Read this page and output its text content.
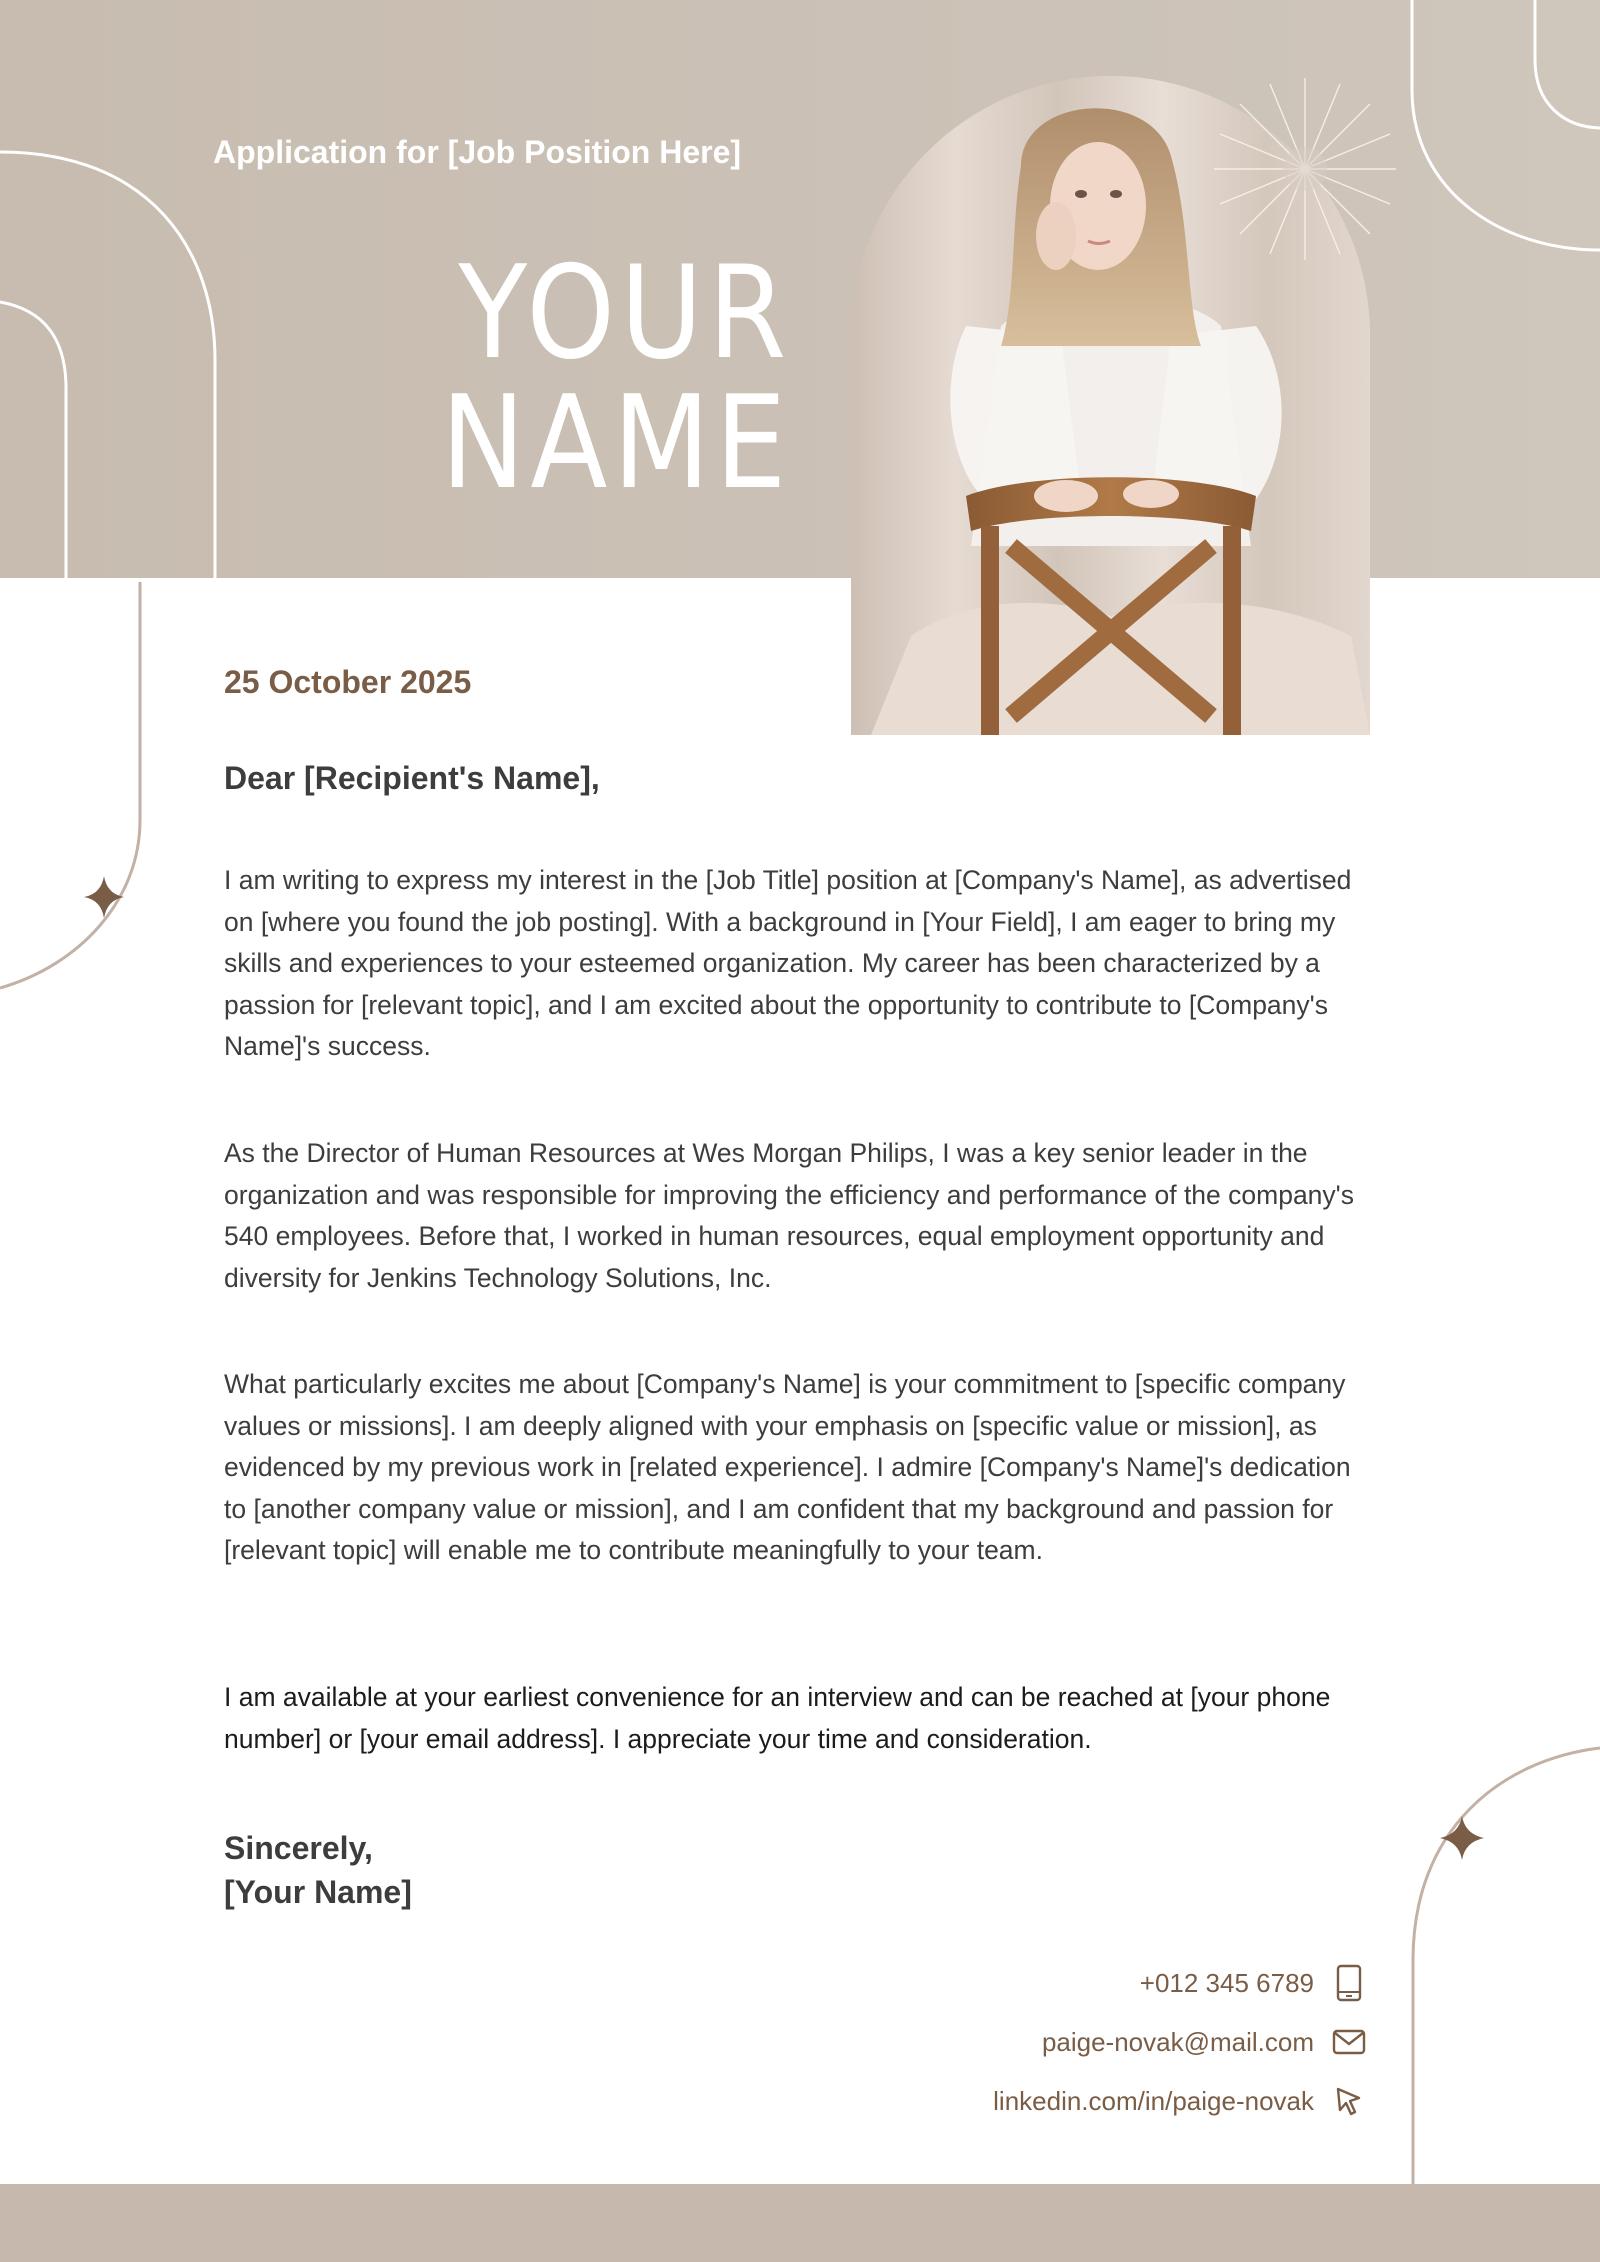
Application for [Job Position Here]
YOUR
NAME
25 October 2025
Dear [Recipient's Name],

I am writing to express my interest in the [Job Title] position at [Company's Name], as advertised on [where you found the job posting]. With a background in [Your Field], I am eager to bring my skills and experiences to your esteemed organization. My career has been characterized by a passion for [relevant topic], and I am excited about the opportunity to contribute to [Company's Name]'s success.

As the Director of Human Resources at Wes Morgan Philips, I was a key senior leader in the organization and was responsible for improving the efficiency and performance of the company's 540 employees. Before that, I worked in human resources, equal employment opportunity and diversity for Jenkins Technology Solutions, Inc.

What particularly excites me about [Company's Name] is your commitment to [specific company values or missions]. I am deeply aligned with your emphasis on [specific value or mission], as evidenced by my previous work in [related experience]. I admire [Company's Name]'s dedication to [another company value or mission], and I am confident that my background and passion for [relevant topic] will enable me to contribute meaningfully to your team.

I am available at your earliest convenience for an interview and can be reached at [your phone number] or [your email address]. I appreciate your time and consideration.

Sincerely,
[Your Name]
+012 345 6789
paige-novak@mail.com
linkedin.com/in/paige-novak
